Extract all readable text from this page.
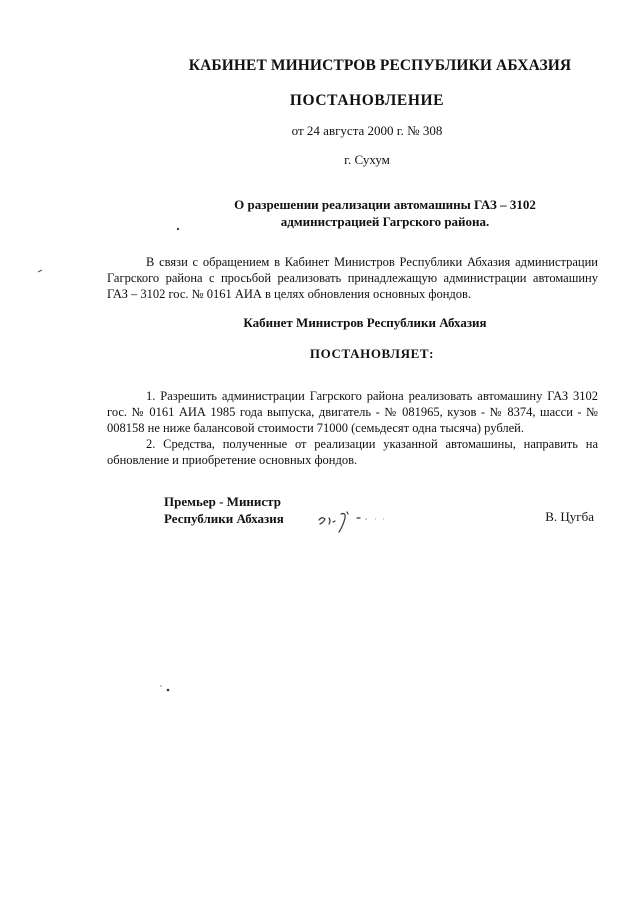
КАБИНЕТ МИНИСТРОВ РЕСПУБЛИКИ АБХАЗИЯ
ПОСТАНОВЛЕНИЕ
от 24 августа 2000 г. № 308
г. Сухум
О разрешении реализации автомашины ГАЗ – 3102
администрацией Гагрского района.

В связи с обращением в Кабинет Министров Республики Абхазия администрации Гагрского района с просьбой реализовать принадлежащую администрации автомашину ГАЗ – 3102 гос. № 0161 АИА в целях обновления основных фондов.

Кабинет Министров Республики Абхазия
ПОСТАНОВЛЯЕТ:

1. Разрешить администрации Гагрского района реализовать автомашину ГАЗ 3102 гос. № 0161 АИА 1985 года выпуска, двигатель - № 081965, кузов - № 8374, шасси - № 008158 не ниже балансовой стоимости 71000 (семьдесят одна тысяча) рублей.

2. Средства, полученные от реализации указанной автомашины, направить на обновление и приобретение основных фондов.

Премьер - Министр
Республики Абхазия	В. Цугба
